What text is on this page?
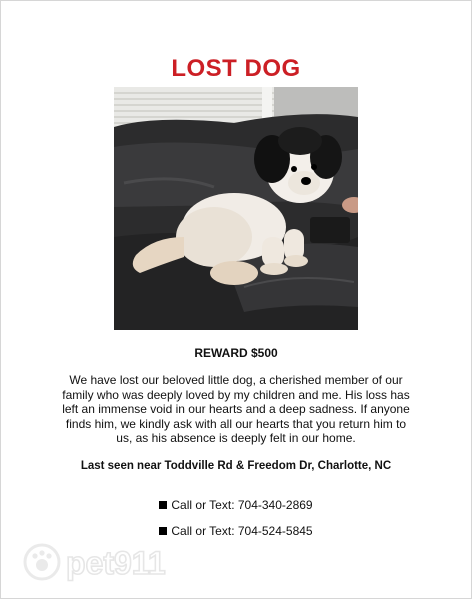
LOST DOG
REWARD $500
We have lost our beloved little dog, a cherished member of our family who was deeply loved by my children and me. His loss has left an immense void in our hearts and a deep sadness. If anyone finds him, we kindly ask with all our hearts that you return him to us, as his absence is deeply felt in our home.
Last seen near Toddville Rd & Freedom Dr, Charlotte, NC
Call or Text: 704-340-2869
Call or Text: 704-524-5845
pet911
